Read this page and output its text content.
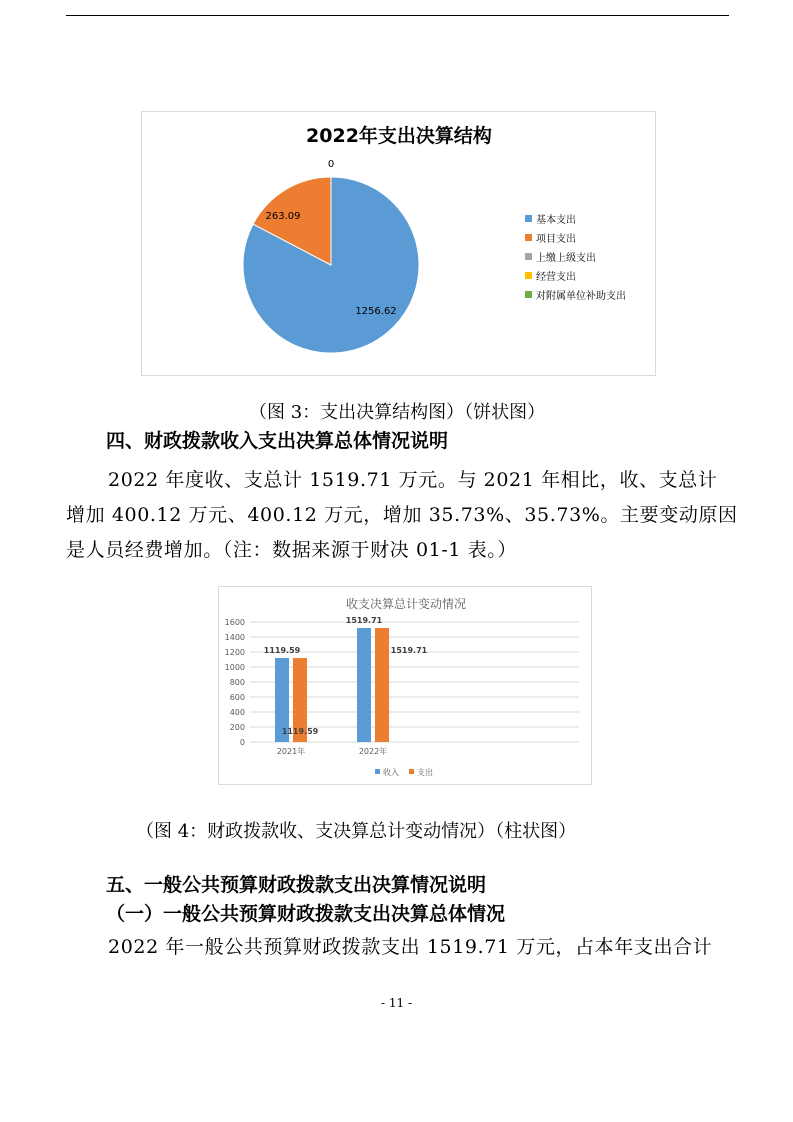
2022年支出决算结构
1256.62
263.09
0
基本支出
项目支出
上缴上级支出
经营支出
对附属单位补助支出
（图 3：支出决算结构图）（饼状图）
四、财政拨款收入支出决算总体情况说明
2022 年度收、支总计 1519.71 万元。与 2021 年相比，收、支总计
增加 400.12 万元、400.12 万元，增加 35.73%、35.73%。主要变动原因
是人员经费增加。（注：数据来源于财决 01-1 表。）
收支决算总计变动情况
0
200
400
600
800
1000
1200
1400
1600
1119.59
1119.59
1519.71
1519.71
2021年	2022年
收入 支出
（图 4：财政拨款收、支决算总计变动情况）（柱状图）
五、一般公共预算财政拨款支出决算情况说明
（一）一般公共预算财政拨款支出决算总体情况
2022 年一般公共预算财政拨款支出 1519.71 万元，占本年支出合计
- 11 -
